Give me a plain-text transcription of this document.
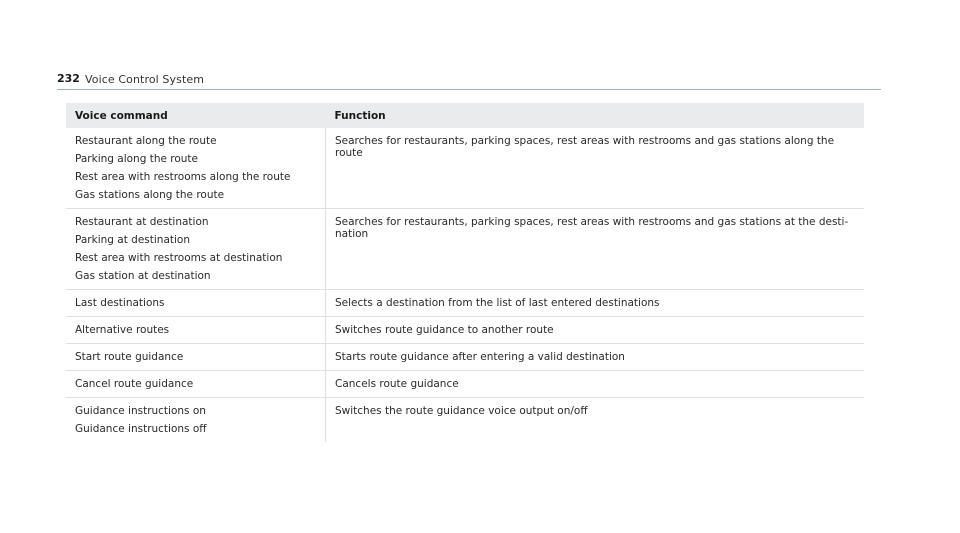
232 Voice Control System
Voice command	Function

Restaurant along the route
Parking along the route
Rest area with restrooms along the route
Gas stations along the route	Searches for restaurants, parking spaces, rest areas with restrooms and gas stations along the route

Restaurant at destination
Parking at destination
Rest area with restrooms at destination
Gas station at destination	Searches for restaurants, parking spaces, rest areas with restrooms and gas stations at the desti-nation

Last destinations	Selects a destination from the list of last entered destinations

Alternative routes	Switches route guidance to another route

Start route guidance	Starts route guidance after entering a valid destination

Cancel route guidance	Cancels route guidance

Guidance instructions on
Guidance instructions off	Switches the route guidance voice output on/off
